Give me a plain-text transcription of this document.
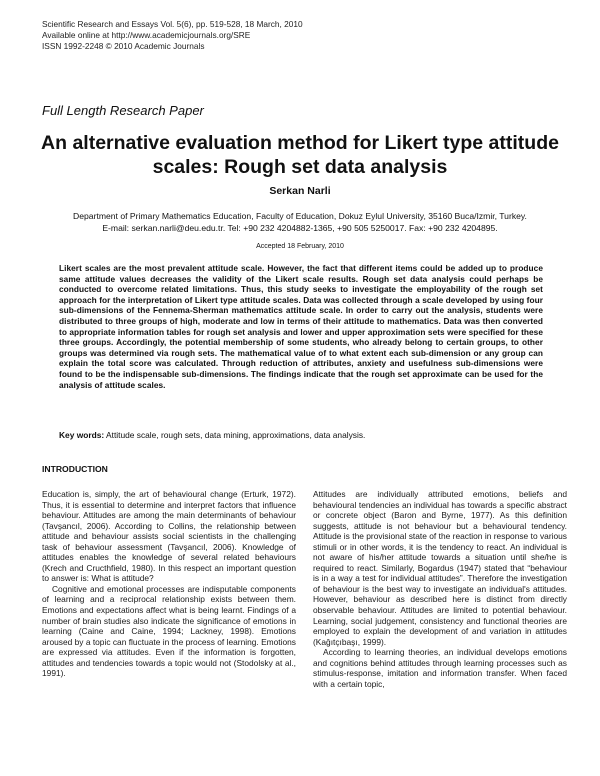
Scientific Research and Essays Vol. 5(6), pp. 519-528, 18 March, 2010
Available online at http://www.academicjournals.org/SRE
ISSN 1992-2248 © 2010 Academic Journals
Full Length Research Paper
An alternative evaluation method for Likert type attitude scales: Rough set data analysis
Serkan Narli
Department of Primary Mathematics Education, Faculty of Education, Dokuz Eylul University, 35160 Buca/Izmir, Turkey.
E-mail: serkan.narli@deu.edu.tr. Tel: +90 232 4204882-1365, +90 505 5250017. Fax: +90 232 4204895.
Accepted 18 February, 2010
Likert scales are the most prevalent attitude scale. However, the fact that different items could be added up to produce same attitude values decreases the validity of the Likert scale results. Rough set data analysis could perhaps be conducted to overcome related limitations. Thus, this study seeks to investigate the employability of the rough set approach for the interpretation of Likert type attitude scales. Data was collected through a scale developed by using four sub-dimensions of the Fennema-Sherman mathematics attitude scale. In order to carry out the analysis, students were distributed to three groups of high, moderate and low in terms of their attitude to mathematics. Data was then converted to appropriate information tables for rough set analysis and lower and upper approximation sets were specified for these three groups. Accordingly, the potential membership of some students, who already belong to certain groups, to other groups was determined via rough sets. The mathematical value of to what extent each sub-dimension or any group can explain the total score was calculated. Through reduction of attributes, anxiety and usefulness sub-dimensions were found to be the indispensable sub-dimensions. The findings indicate that the rough set approximate can be used for the analysis of attitude scales.
Key words: Attitude scale, rough sets, data mining, approximations, data analysis.
INTRODUCTION

Education is, simply, the art of behavioural change (Erturk, 1972). Thus, it is essential to determine and interpret factors that influence behaviour. Attitudes are among the main determinants of behaviour (Tavşancıl, 2006). According to Collins, the relationship between attitude and behaviour assists social scientists in the challenging task of behaviour assessment (Tavşancıl, 2006). Knowledge of attitudes enables the knowledge of several related behaviours (Krech and Cructhfield, 1980). In this respect an important question to answer is: What is attitude?

Cognitive and emotional processes are indisputable components of learning and a reciprocal relationship exists between them. Emotions and expectations affect what is being learnt. Findings of a number of brain studies also indicate the significance of emotions in learning (Caine and Caine, 1994; Lackney, 1998). Emotions aroused by a topic can fluctuate in the process of learning. Emotions are expressed via attitudes. Even if the information is forgotten, attitudes and tendencies towards a topic would not (Stodolsky at al., 1991).

Attitudes are individually attributed emotions, beliefs and behavioural tendencies an individual has towards a specific abstract or concrete object (Baron and Byrne, 1977). As this definition suggests, attitude is not behaviour but a behavioural tendency. Attitude is the provisional state of the reaction in response to various stimuli or in other words, it is the tendency to react. An individual is not aware of his/her attitude towards a situation until she/he is required to react. Similarly, Bogardus (1947) stated that “behaviour is in a way a test for individual attitudes”. Therefore the investigation of behaviour is the best way to investigate an individual's attitudes. However, behaviour as described here is distinct from directly observable behaviour. Attitudes are limited to potential behaviour. Learning, social judgement, consistency and functional theories are employed to explain the development of and variation in attitudes (Kağıtçıbaşı, 1999).

According to learning theories, an individual develops emotions and cognitions behind attitudes through learning processes such as stimulus-response, imitation and information transfer. When faced with a certain topic,
